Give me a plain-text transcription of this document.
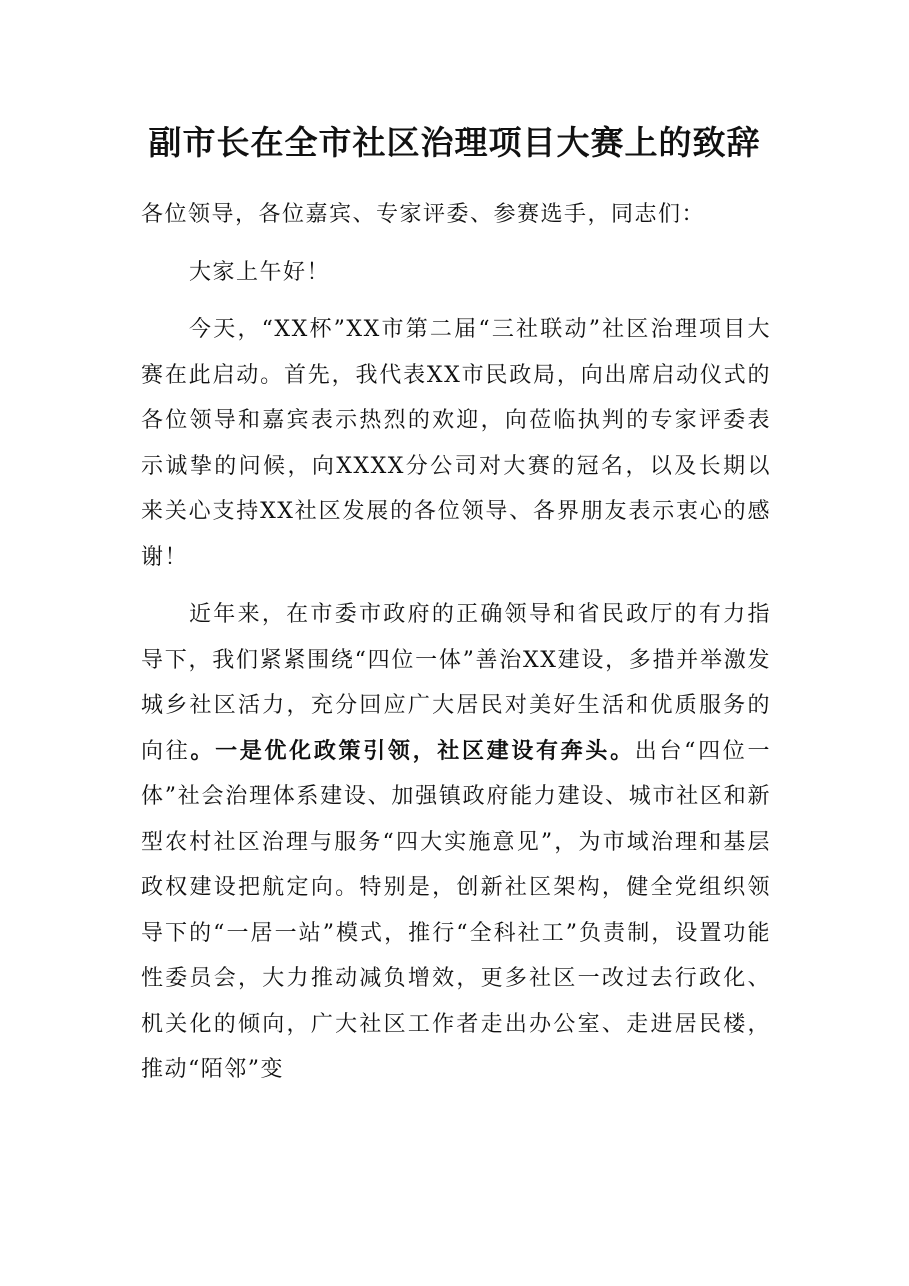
副市长在全市社区治理项目大赛上的致辞

各位领导，各位嘉宾、专家评委、参赛选手，同志们：

大家上午好！

今天，“XX杯”XX市第二届“三社联动”社区治理项目大赛在此启动。首先，我代表XX市民政局，向出席启动仪式的各位领导和嘉宾表示热烈的欢迎，向莅临执判的专家评委表示诚挚的问候，向XXXX分公司对大赛的冠名，以及长期以来关心支持XX社区发展的各位领导、各界朋友表示衷心的感谢！

近年来，在市委市政府的正确领导和省民政厅的有力指导下，我们紧紧围绕“四位一体”善治XX建设，多措并举激发城乡社区活力，充分回应广大居民对美好生活和优质服务的向往。一是优化政策引领，社区建设有奔头。出台“四位一体”社会治理体系建设、加强镇政府能力建设、城市社区和新型农村社区治理与服务“四大实施意见”，为市域治理和基层政权建设把航定向。特别是，创新社区架构，健全党组织领导下的“一居一站”模式，推行“全科社工”负责制，设置功能性委员会，大力推动减负增效，更多社区一改过去行政化、机关化的倾向，广大社区工作者走出办公室、走进居民楼，推动“陌邻”变
